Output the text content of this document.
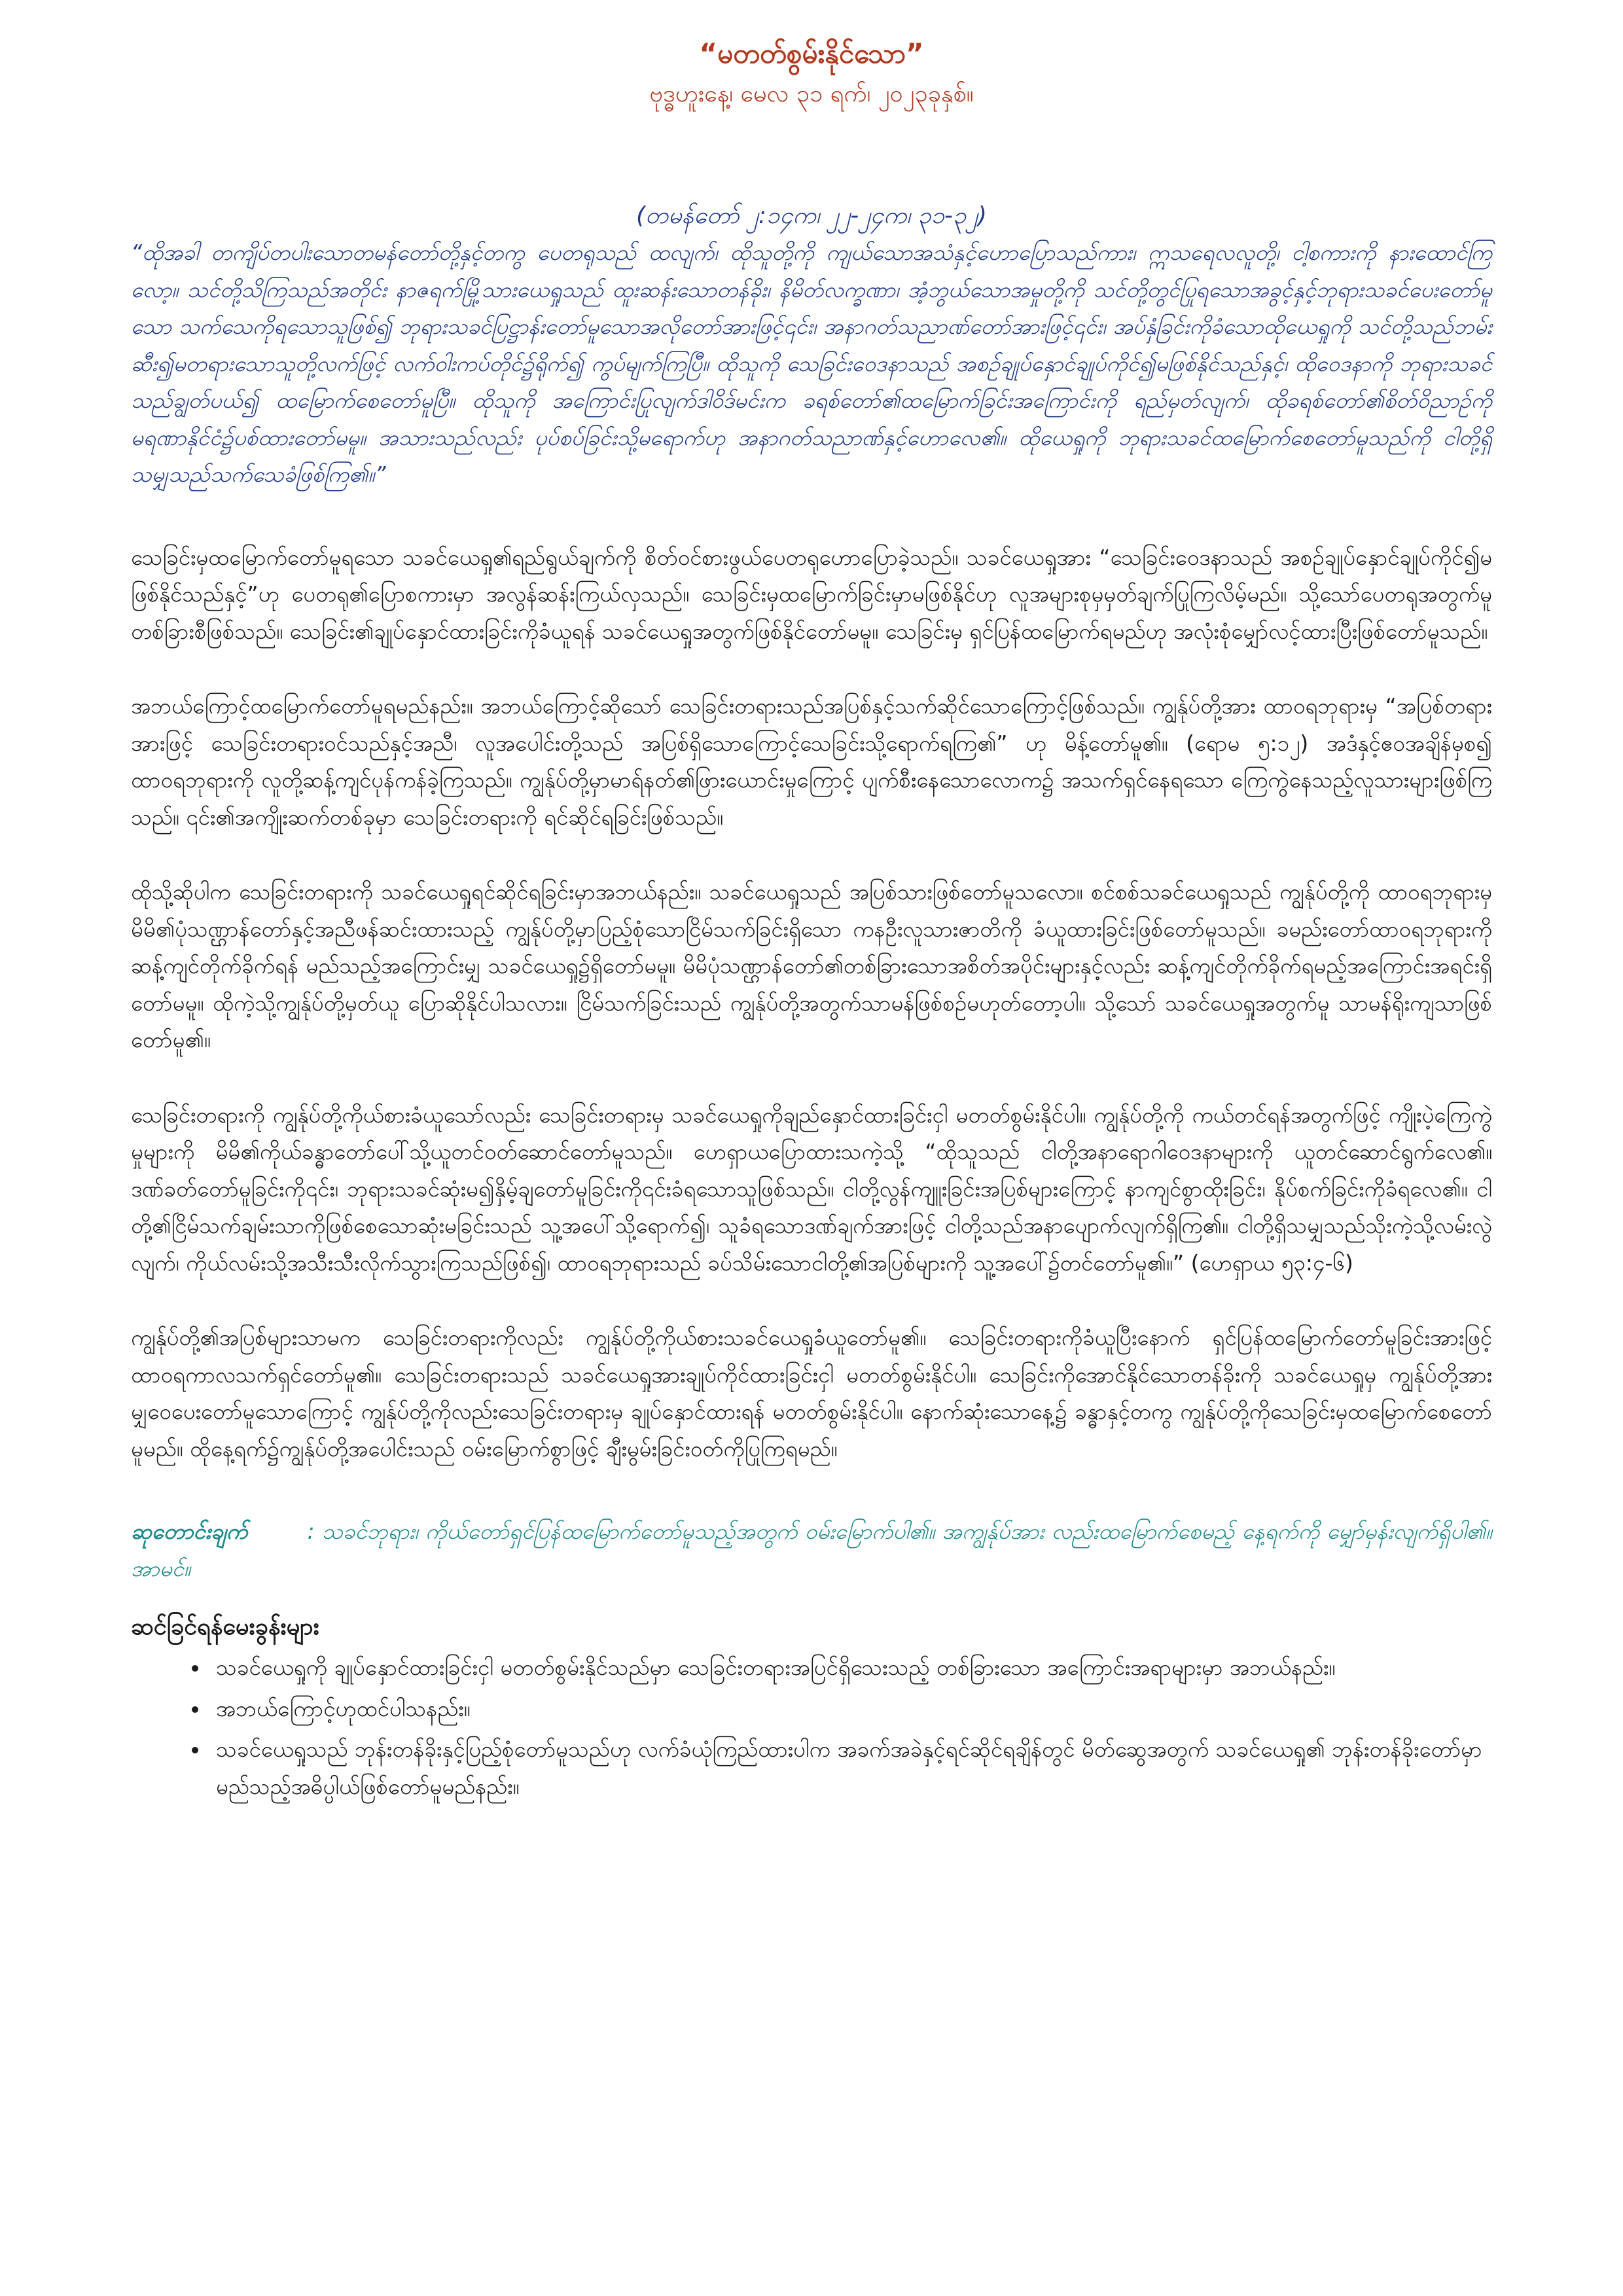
“မတတ်စွမ်းနိုင်သော”

ဗုဒ္ဓဟူးနေ့၊ မေလ ၃၁ ရက်၊ ၂၀၂၃ခုနှစ်။

(တမန်တော် ၂:၁၄က၊ ၂၂-၂၄က၊ ၃၁-၃၂)

“ထိုအခါ တကျိပ်တပါးသောတမန်တော်တို့နှင့်တကွ ပေတရုသည် ထလျက်၊ ထိုသူတို့ကို ကျယ်သောအသံနှင့်ဟောပြောသည်ကား၊ ဣသရေလလူတို့၊ ငါ့စကားကို နားထောင်ကြလော့။ သင်တို့သိကြသည်အတိုင်း နာဇရက်မြို့သားယေရှုသည် ထူးဆန်းသောတန်ခိုး၊ နိမိတ်လက္ခဏာ၊ အံ့ဘွယ်သောအမှုတို့ကို သင်တို့တွင်ပြုရသောအခွင့်နှင့်ဘုရားသခင်ပေးတော်မူသော သက်သေကိုရသောသူဖြစ်၍ ဘုရားသခင်ပြဋ္ဌာန်းတော်မူသောအလိုတော်အားဖြင့်၎င်း၊ အနာဂတ်သညာဏ်တော်အားဖြင့်၎င်း၊ အပ်နှံခြင်းကိုခံသောထိုယေရှုကို သင်တို့သည်ဘမ်းဆီး၍မတရားသောသူတို့လက်ဖြင့် လက်ဝါးကပ်တိုင်၌ရိုက်၍ ကွပ်မျက်ကြပြီ။ ထိုသူကို သေခြင်းဝေဒနာသည် အစဉ်ချုပ်နှောင်ချုပ်ကိုင်၍မဖြစ်နိုင်သည်နှင့်၊ ထိုဝေဒနာကို ဘုရားသခင်သည်ချွတ်ပယ်၍ ထမြောက်စေတော်မူပြီ။ ထိုသူကို အကြောင်းပြုလျက်ဒါဝိဒ်မင်းက ခရစ်တော်၏ထမြောက်ခြင်းအကြောင်းကို ရည်မှတ်လျက်၊ ထိုခရစ်တော်၏စိတ်ဝိညာဉ်ကို မရဏာနိုင်ငံ၌ပစ်ထားတော်မမူ။ အသားသည်လည်း ပုပ်စပ်ခြင်းသို့မရောက်ဟု အနာဂတ်သညာဏ်နှင့်ဟောလေ၏။ ထိုယေရှုကို ဘုရားသခင်ထမြောက်စေတော်မူသည်ကို ငါတို့ရှိသမျှသည်သက်သေခံဖြစ်ကြ၏။”

သေခြင်းမှထမြောက်တော်မူရသော သခင်ယေရှု၏ရည်ရွယ်ချက်ကို စိတ်ဝင်စားဖွယ်ပေတရုဟောပြောခဲ့သည်။ သခင်ယေရှုအား “သေခြင်းဝေဒနာသည် အစဉ်ချုပ်နှောင်ချုပ်ကိုင်၍မဖြစ်နိုင်သည်နှင့်”ဟု ပေတရု၏ပြောစကားမှာ အလွန်ဆန်းကြယ်လှသည်။ သေခြင်းမှထမြောက်ခြင်းမှာမဖြစ်နိုင်ဟု လူအများစုမှမှတ်ချက်ပြုကြလိမ့်မည်။ သို့သော်ပေတရုအတွက်မူ တစ်ခြားစီဖြစ်သည်။ သေခြင်း၏ချုပ်နှောင်ထားခြင်းကိုခံယူရန် သခင်ယေရှုအတွက်ဖြစ်နိုင်တော်မမူ။ သေခြင်းမှ ရှင်ပြန်ထမြောက်ရမည်ဟု အလုံးစုံမျှော်လင့်ထားပြီးဖြစ်တော်မူသည်။

အဘယ်ကြောင့်ထမြောက်တော်မူရမည်နည်း။ အဘယ်ကြောင့်ဆိုသော် သေခြင်းတရားသည်အပြစ်နှင့်သက်ဆိုင်သောကြောင့်ဖြစ်သည်။ ကျွန်ုပ်တို့အား ထာဝရဘုရားမှ “အပြစ်တရားအားဖြင့် သေခြင်းတရားဝင်သည်နှင့်အညီ၊ လူအပေါင်းတို့သည် အပြစ်ရှိသောကြောင့်သေခြင်းသို့ရောက်ရကြ၏” ဟု မိန့်တော်မူ၏။ (ရောမ ၅:၁၂) အဒံနှင့်ဧဝအချိန်မှစ၍ ထာဝရဘုရားကို လူတို့ဆန့်ကျင်ပုန်ကန်ခဲ့ကြသည်။ ကျွန်ုပ်တို့မှာမာရ်နတ်၏ဖြားယောင်းမှုကြောင့် ပျက်စီးနေသောလောက၌ အသက်ရှင်နေရသော ကြေကွဲနေသည့်လူသားများဖြစ်ကြသည်။ ၎င်း၏အကျိုးဆက်တစ်ခုမှာ သေခြင်းတရားကို ရင်ဆိုင်ရခြင်းဖြစ်သည်။

ထိုသို့ဆိုပါက သေခြင်းတရားကို သခင်ယေရှုရင်ဆိုင်ရခြင်းမှာအဘယ်နည်း။ သခင်ယေရှုသည် အပြစ်သားဖြစ်တော်မူသလော။ စင်စစ်သခင်ယေရှုသည် ကျွန်ုပ်တို့ကို ထာဝရဘုရားမှ မိမိ၏ပုံသဏ္ဌာန်တော်နှင့်အညီဖန်ဆင်းထားသည့် ကျွန်ုပ်တို့မှာပြည့်စုံသောငြိမ်သက်ခြင်းရှိသော ကနဦးလူသားဇာတိကို ခံယူထားခြင်းဖြစ်တော်မူသည်။ ခမည်းတော်ထာဝရဘုရားကို ဆန့်ကျင်တိုက်ခိုက်ရန် မည်သည့်အကြောင်းမျှ သခင်ယေရှု၌ရှိတော်မမူ။ မိမိပုံသဏ္ဌာန်တော်၏တစ်ခြားသောအစိတ်အပိုင်းများနှင့်လည်း ဆန့်ကျင်တိုက်ခိုက်ရမည့်အကြောင်းအရင်းရှိတော်မမူ။ ထိုကဲ့သို့ကျွန်ုပ်တို့မှတ်ယူ ပြောဆိုနိုင်ပါသလား။ ငြိမ်သက်ခြင်းသည် ကျွန်ုပ်တို့အတွက်သာမန်ဖြစ်စဉ်မဟုတ်တော့ပါ။ သို့သော် သခင်ယေရှုအတွက်မူ သာမန်ရိုးကျသာဖြစ်တော်မူ၏။

သေခြင်းတရားကို ကျွန်ုပ်တို့ကိုယ်စားခံယူသော်လည်း သေခြင်းတရားမှ သခင်ယေရှုကိုချည်နှောင်ထားခြင်းငှါ မတတ်စွမ်းနိုင်ပါ။ ကျွန်ုပ်တို့ကို ကယ်တင်ရန်အတွက်ဖြင့် ကျိုးပဲ့ကြေကွဲမှုများကို မိမိ၏ကိုယ်ခန္ဓာတော်ပေါ်သို့ယူတင်ဝတ်ဆောင်တော်မူသည်။ ဟေရှာယပြောထားသကဲ့သို့ “ထိုသူသည် ငါတို့အနာရောဂါဝေဒနာများကို ယူတင်ဆောင်ရွက်လေ၏။ ဒဏ်ခတ်တော်မူခြင်းကို၎င်း၊ ဘုရားသခင်ဆုံးမ၍နှိမ့်ချတော်မူခြင်းကို၎င်းခံရသောသူဖြစ်သည်။ ငါတို့လွန်ကျူးခြင်းအပြစ်များကြောင့် နာကျင်စွာထိုးခြင်း၊ နိုပ်စက်ခြင်းကိုခံရလေ၏။ ငါတို့၏ငြိမ်သက်ချမ်းသာကိုဖြစ်စေသောဆုံးမခြင်းသည် သူ့အပေါ်သို့ရောက်၍၊ သူခံရသောဒဏ်ချက်အားဖြင့် ငါတို့သည်အနာပျောက်လျက်ရှိကြ၏။ ငါတို့ရှိသမျှသည်သိုးကဲ့သို့လမ်းလွဲလျက်၊ ကိုယ်လမ်းသို့အသီးသီးလိုက်သွားကြသည်ဖြစ်၍၊ ထာဝရဘုရားသည် ခပ်သိမ်းသောငါတို့၏အပြစ်များကို သူ့အပေါ်၌တင်တော်မူ၏။” (ဟေရှာယ ၅၃:၄-၆)

ကျွန်ုပ်တို့၏အပြစ်များသာမက သေခြင်းတရားကိုလည်း ကျွန်ုပ်တို့ကိုယ်စားသခင်ယေရှုခံယူတော်မူ၏။ သေခြင်းတရားကိုခံယူပြီးနောက် ရှင်ပြန်ထမြောက်တော်မူခြင်းအားဖြင့် ထာဝရကာလသက်ရှင်တော်မူ၏။ သေခြင်းတရားသည် သခင်ယေရှုအားချုပ်ကိုင်ထားခြင်းငှါ မတတ်စွမ်းနိုင်ပါ။ သေခြင်းကိုအောင်နိုင်သောတန်ခိုးကို သခင်ယေရှုမှ ကျွန်ုပ်တို့အားမျှဝေပေးတော်မူသောကြောင့် ကျွန်ုပ်တို့ကိုလည်းသေခြင်းတရားမှ ချုပ်နှောင်ထားရန် မတတ်စွမ်းနိုင်ပါ။ နောက်ဆုံးသောနေ့၌ ခန္ဓာနှင့်တကွ ကျွန်ုပ်တို့ကိုသေခြင်းမှထမြောက်စေတော်မူမည်။ ထိုနေ့ရက်၌ကျွန်ုပ်တို့အပေါင်းသည် ဝမ်းမြောက်စွာဖြင့် ချီးမွမ်းခြင်းဝတ်ကိုပြုကြရမည်။

ဆုတောင်းချက်	: သခင်ဘုရား၊ ကိုယ်တော်ရှင်ပြန်ထမြောက်တော်မူသည့်အတွက် ဝမ်းမြောက်ပါ၏။ အကျွန်ုပ်အား လည်းထမြောက်စေမည့် နေ့ရက်ကို မျှော်မှန်းလျက်ရှိပါ၏။ အာမင်။

ဆင်ခြင်ရန်မေးခွန်းများ
• သခင်ယေရှုကို ချုပ်နှောင်ထားခြင်းငှါ မတတ်စွမ်းနိုင်သည်မှာ သေခြင်းတရားအပြင်ရှိသေးသည့် တစ်ခြားသော အကြောင်းအရာများမှာ အဘယ်နည်း။
• အဘယ်ကြောင့်ဟုထင်ပါသနည်း။
• သခင်ယေရှုသည် ဘုန်းတန်ခိုးနှင့်ပြည့်စုံတော်မူသည်ဟု လက်ခံယုံကြည်ထားပါက အခက်အခဲနှင့်ရင်ဆိုင်ရချိန်တွင် မိတ်ဆွေအတွက် သခင်ယေရှု၏ ဘုန်းတန်ခိုးတော်မှာ မည်သည့်အဓိပ္ပါယ်ဖြစ်တော်မူမည်နည်း။
